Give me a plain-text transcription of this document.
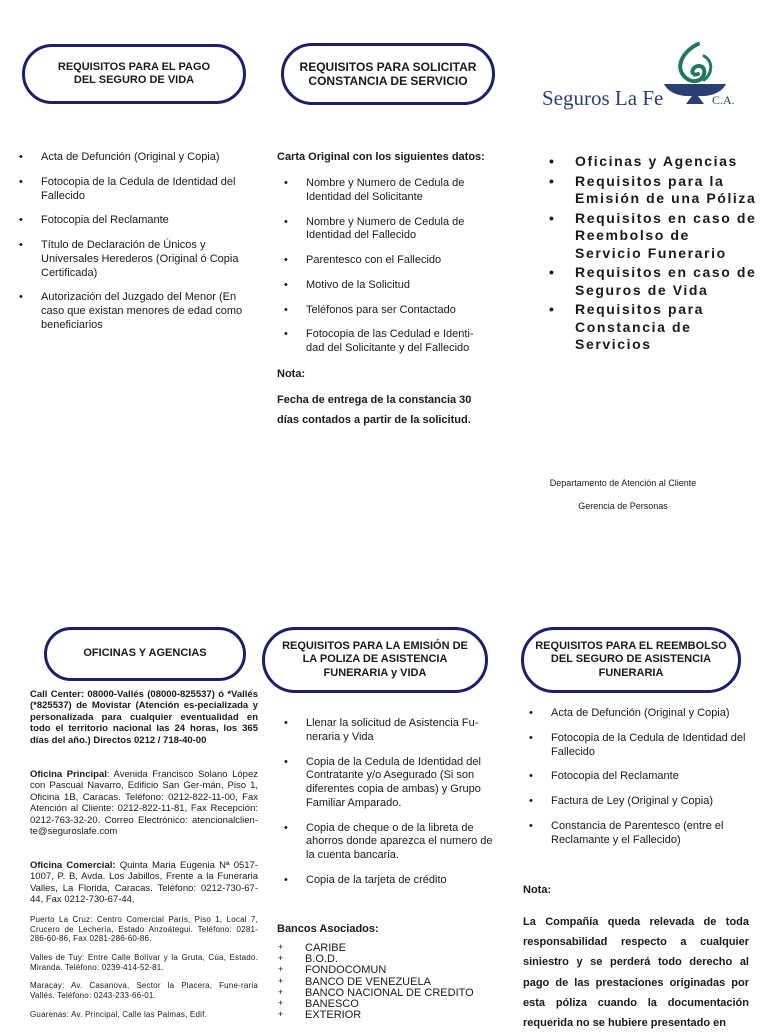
REQUISITOS PARA EL PAGO DEL SEGURO DE VIDA
• Acta de Defunción (Original y Copia)
• Fotocopia de la Cedula de Identidad del Fallecido
• Fotocopia del Reclamante
• Título de Declaración de Únicos y Universales Herederos (Original ó Copia Certificada)
• Autorización del Juzgado del Menor (En caso que existan menores de edad como beneficiarios
REQUISITOS PARA SOLICITAR CONSTANCIA DE SERVICIO
Carta Original con los siguientes datos:
• Nombre y Numero de Cedula de Identidad del Solicitante
• Nombre y Numero de Cedula de Identidad del Fallecido
• Parentesco con el Fallecido
• Motivo de la Solicitud
• Teléfonos para ser Contactado
• Fotocopia de las Cedulad e Identi-dad del Solicitante y del Fallecido
Nota:
Fecha de entrega de la constancia 30 días contados a partir de la solicitud.
Seguros La Fe	C.A.
• Oficinas y Agencias
• Requisitos para la Emisión de una Póliza
• Requisitos en caso de Reembolso de Servicio Funerario
• Requisitos en caso de Seguros de Vida
• Requisitos para Constancia de Servicios
Departamento de Atención al Cliente
Gerencia de Personas
OFICINAS Y AGENCIAS
Call Center: 08000-Vallés (08000-825537) ó *Vallés (*825537) de Movistar (Atención es-pecializada y personalizada para cualquier eventualidad en todo el territorio nacional las 24 horas, los 365 días del año.) Directos 0212 / 718-40-00
Oficina Principal: Avenida Francisco Solano López con Pascual Navarro, Edificio San Ger-mán, Piso 1, Oficina 1B, Caracas. Teléfono: 0212-822-11-00, Fax Atención al Cliente: 0212-822-11-81, Fax Recepción: 0212-763-32-20. Correo Electrónico: atencionalclien-te@seguroslafe.com
Oficina Comercial: Quinta Maria Eugenia Nª 0517-1007, P. B, Avda. Los Jabillos, Frente a la Funeraria Valles, La Florida, Caracas. Teléfono: 0212-730-67-44, Fax 0212-730-67-44.
Puerto La Cruz: Centro Comercial París, Piso 1, Local 7, Crucero de Lechería, Estado Anzoátegui. Teléfono: 0281-286-60-86, Fax 0281-286-60-86.
Valles de Tuy: Entre Calle Bolívar y la Gruta, Cúa, Estado. Miranda. Teléfono: 0239-414-52-81.
Maracay: Av. Casanova, Sector la Placera, Fune-raria Vallés. Teléfono: 0243-233-66-01.
Guarenas: Av. Principal, Calle las Palmas, Edif.
REQUISITOS PARA LA EMISIÓN DE LA POLIZA DE ASISTENCIA FUNERARIA y VIDA
• Llenar la solicitud de Asistencia Fu-neraria y Vida
• Copia de la Cedula de Identidad del Contratante y/o Asegurado (Si son diferentes copia de ambas) y Grupo Familiar Amparado.
• Copia de cheque o de la libreta de ahorros donde aparezca el numero de la cuenta bancaria.
• Copia de la tarjeta de crédito
Bancos Asociados:
+ CARIBE
+ B.O.D.
+ FONDOCOMUN
+ BANCO DE VENEZUELA
+ BANCO NACIONAL DE CREDITO
+ BANESCO
+ EXTERIOR
REQUISITOS PARA EL REEMBOLSO DEL SEGURO DE ASISTENCIA FUNERARIA
• Acta de Defunción (Original y Copia)
• Fotocopia de la Cedula de Identidad del Fallecido
• Fotocopia del Reclamante
• Factura de Ley (Original y Copia)
• Constancia de Parentesco (entre el Reclamante y el Fallecido)
Nota:
La Compañía queda relevada de toda responsabilidad respecto a cualquier siniestro y se perderá todo derecho al pago de las prestaciones originadas por esta póliza cuando la documentación requerida no se hubiere presentado en
